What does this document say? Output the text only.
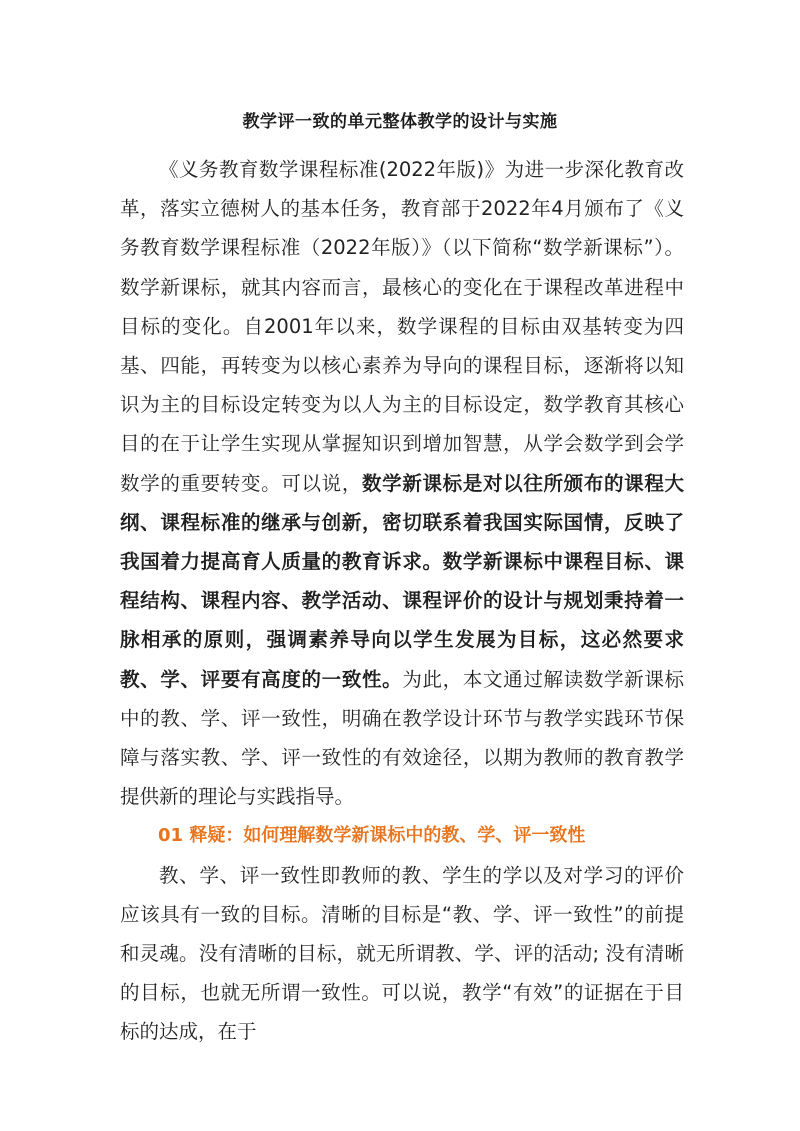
教学评一致的单元整体教学的设计与实施

《义务教育数学课程标准(2022年版)》为进一步深化教育改革，落实立德树人的基本任务，教育部于2022年4月颁布了《义务教育数学课程标准（2022年版）》（以下简称“数学新课标”）。数学新课标，就其内容而言，最核心的变化在于课程改革进程中目标的变化。自2001年以来，数学课程的目标由双基转变为四基、四能，再转变为以核心素养为导向的课程目标，逐渐将以知识为主的目标设定转变为以人为主的目标设定，数学教育其核心目的在于让学生实现从掌握知识到增加智慧，从学会数学到会学数学的重要转变。可以说，数学新课标是对以往所颁布的课程大纲、课程标准的继承与创新，密切联系着我国实际国情，反映了我国着力提高育人质量的教育诉求。数学新课标中课程目标、课程结构、课程内容、教学活动、课程评价的设计与规划秉持着一脉相承的原则，强调素养导向以学生发展为目标，这必然要求教、学、评要有高度的一致性。为此，本文通过解读数学新课标中的教、学、评一致性，明确在教学设计环节与教学实践环节保障与落实教、学、评一致性的有效途径，以期为教师的教育教学提供新的理论与实践指导。

01 释疑：如何理解数学新课标中的教、学、评一致性

教、学、评一致性即教师的教、学生的学以及对学习的评价应该具有一致的目标。清晰的目标是“教、学、评一致性”的前提和灵魂。没有清晰的目标，就无所谓教、学、评的活动; 没有清晰的目标，也就无所谓一致性。可以说，教学“有效”的证据在于目标的达成，在于
